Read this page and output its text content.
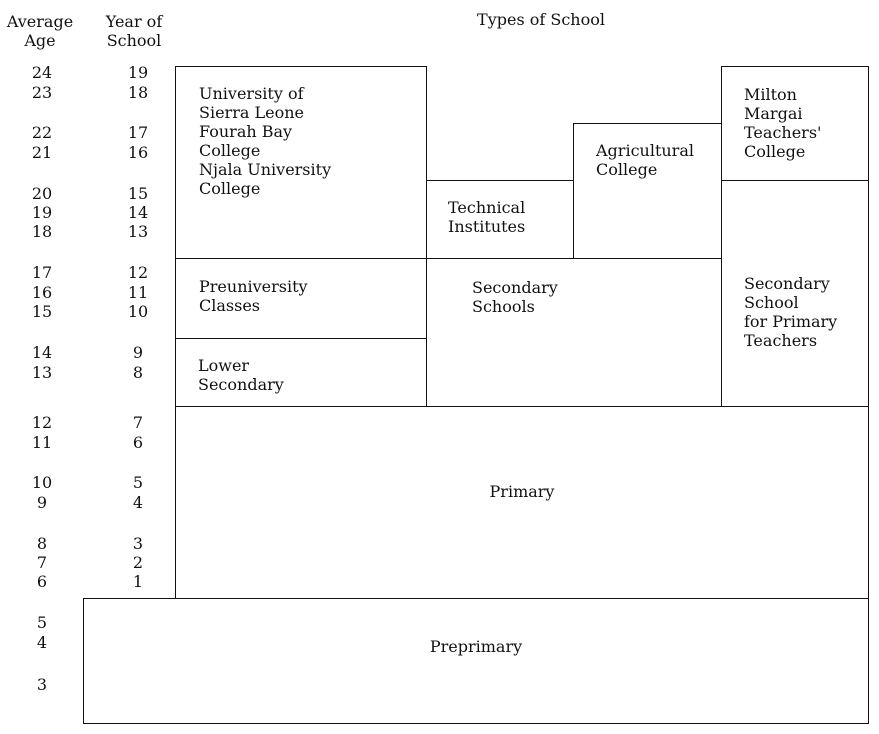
Average
Age
Year of
School
Types of School
24
23
22
21
20
19
18
17
16
15
14
13
12
11
10
9
8
7
6
5
4
3
19
18
17
16
15
14
13
12
11
10
9
8
7
6
5
4
3
2
1
University of
Sierra Leone
Fourah Bay
College
Njala University
College
Technical
Institutes
Agricultural
College
Milton
Margai
Teachers'
College
Preuniversity
Classes
Secondary
Schools
Secondary
School
for Primary
Teachers
Lower
Secondary
Primary
Preprimary
